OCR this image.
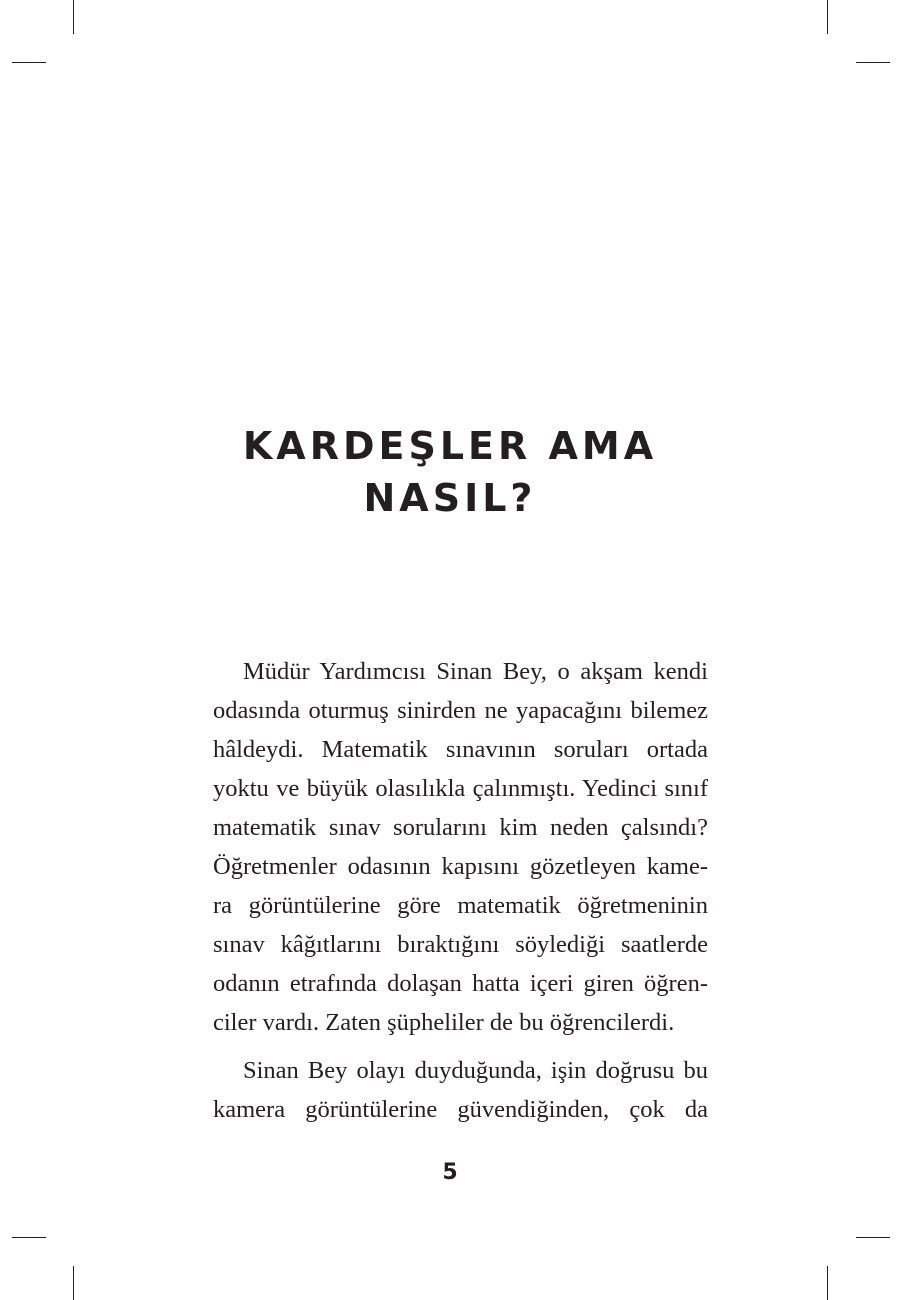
KARDEŞLER AMA
NASIL?

Müdür Yardımcısı Sinan Bey, o akşam kendi
odasında oturmuş sinirden ne yapacağını bilemez
hâldeydi. Matematik sınavının soruları ortada
yoktu ve büyük olasılıkla çalınmıştı. Yedinci sınıf
matematik sınav sorularını kim neden çalsındı?
Öğretmenler odasının kapısını gözetleyen kame-
ra görüntülerine göre matematik öğretmeninin
sınav kâğıtlarını bıraktığını söylediği saatlerde
odanın etrafında dolaşan hatta içeri giren öğren-
ciler vardı. Zaten şüpheliler de bu öğrencilerdi.

Sinan Bey olayı duyduğunda, işin doğrusu bu
kamera görüntülerine güvendiğinden, çok da

5
